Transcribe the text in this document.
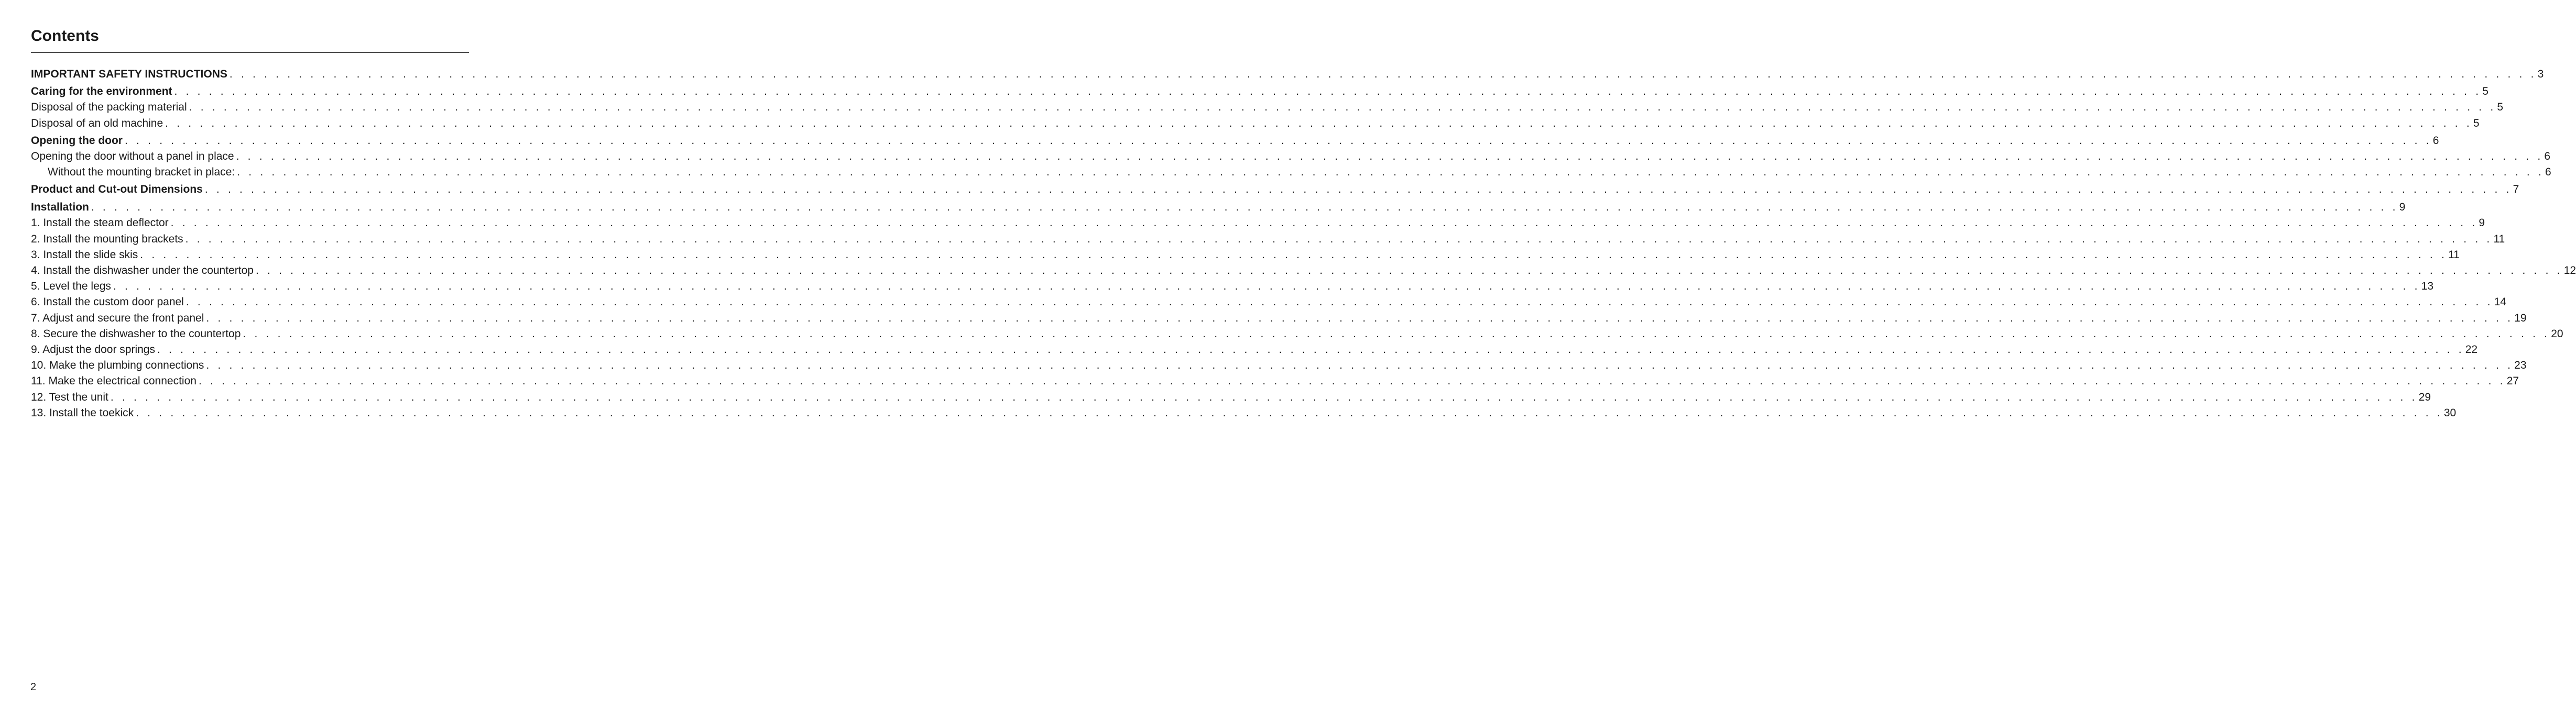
Contents
IMPORTANT SAFETY INSTRUCTIONS . . . . . . . . . . . . . . . . . . . . . . . . . . . . . . . . . . . . . . . . . . . . . . . . . . . . . . . . . . . . . . . . . . . . . . . . . . . . . . . . . . . . . . . . . . . . . . . . . . . . . . . . . . . . . . . . . . . . . . . . . . . . . . . . . . . . . . . . . . . . . . . . . . . . . . . . . . . . . . . . . . . . . . . . . . . . . . . . . . . . . . . . . . . . . . . . . . . . . . . . 3
Caring for the environment . . . . . . . . . . . . . . . . . . . . . . . . . . . . . . . . . . . . . . . . . . . . . . . . . . . . . . . . . . . . . . . . . . . . . . . . . . . . . . . . . . . . . . . . . . . . . . . . . . . . . . . . . . . . . . . . . . . . . . . . . . . . . . . . . . . . . . . . . . . . . . . . . . . . . . . . . . . . . . . . . . . . . . . . . . . . . . . . . . . . . . . . . . . . . . . . . . . . . . . . 5
Disposal of the packing material . . . . . . . . . . . . . . . . . . . . . . . . . . . . . . . . . . . . . . . . . . . . . . . . . . . . . . . . . . . . . . . . . . . . . . . . . . . . . . . . . . . . . . . . . . . . . . . . . . . . . . . . . . . . . . . . . . . . . . . . . . . . . . . . . . . . . . . . . . . . . . . . . . . . . . . . . . . . . . . . . . . . . . . . . . . . . . . . . . . . . . . . . . . . . . . . . . . . . . . . 5
Disposal of an old machine . . . . . . . . . . . . . . . . . . . . . . . . . . . . . . . . . . . . . . . . . . . . . . . . . . . . . . . . . . . . . . . . . . . . . . . . . . . . . . . . . . . . . . . . . . . . . . . . . . . . . . . . . . . . . . . . . . . . . . . . . . . . . . . . . . . . . . . . . . . . . . . . . . . . . . . . . . . . . . . . . . . . . . . . . . . . . . . . . . . . . . . . . . . . . . . . . . . . . . . . 5
Opening the door . . . . . . . . . . . . . . . . . . . . . . . . . . . . . . . . . . . . . . . . . . . . . . . . . . . . . . . . . . . . . . . . . . . . . . . . . . . . . . . . . . . . . . . . . . . . . . . . . . . . . . . . . . . . . . . . . . . . . . . . . . . . . . . . . . . . . . . . . . . . . . . . . . . . . . . . . . . . . . . . . . . . . . . . . . . . . . . . . . . . . . . . . . . . . . . . . . . . . . . . 6
Opening the door without a panel in place . . . . . . . . . . . . . . . . . . . . . . . . . . . . . . . . . . . . . . . . . . . . . . . . . . . . . . . . . . . . . . . . . . . . . . . . . . . . . . . . . . . . . . . . . . . . . . . . . . . . . . . . . . . . . . . . . . . . . . . . . . . . . . . . . . . . . . . . . . . . . . . . . . . . . . . . . . . . . . . . . . . . . . . . . . . . . . . . . . . . . . . . . . . . . . . . . . . . . . . . 6
Without the mounting bracket in place: . . . . . . . . . . . . . . . . . . . . . . . . . . . . . . . . . . . . . . . . . . . . . . . . . . . . . . . . . . . . . . . . . . . . . . . . . . . . . . . . . . . . . . . . . . . . . . . . . . . . . . . . . . . . . . . . . . . . . . . . . . . . . . . . . . . . . . . . . . . . . . . . . . . . . . . . . . . . . . . . . . . . . . . . . . . . . . . . . . . . . . . . . . . . . . . . . . . . . . . . 6
Product and Cut-out Dimensions . . . . . . . . . . . . . . . . . . . . . . . . . . . . . . . . . . . . . . . . . . . . . . . . . . . . . . . . . . . . . . . . . . . . . . . . . . . . . . . . . . . . . . . . . . . . . . . . . . . . . . . . . . . . . . . . . . . . . . . . . . . . . . . . . . . . . . . . . . . . . . . . . . . . . . . . . . . . . . . . . . . . . . . . . . . . . . . . . . . . . . . . . . . . . . . . . . . . . . . . 7
Installation . . . . . . . . . . . . . . . . . . . . . . . . . . . . . . . . . . . . . . . . . . . . . . . . . . . . . . . . . . . . . . . . . . . . . . . . . . . . . . . . . . . . . . . . . . . . . . . . . . . . . . . . . . . . . . . . . . . . . . . . . . . . . . . . . . . . . . . . . . . . . . . . . . . . . . . . . . . . . . . . . . . . . . . . . . . . . . . . . . . . . . . . . . . . . . . . . . . . . . . . 9
1. Install the steam deflector . . . . . . . . . . . . . . . . . . . . . . . . . . . . . . . . . . . . . . . . . . . . . . . . . . . . . . . . . . . . . . . . . . . . . . . . . . . . . . . . . . . . . . . . . . . . . . . . . . . . . . . . . . . . . . . . . . . . . . . . . . . . . . . . . . . . . . . . . . . . . . . . . . . . . . . . . . . . . . . . . . . . . . . . . . . . . . . . . . . . . . . . . . . . . . . . . . . . . . . . 9
2. Install the mounting brackets . . . . . . . . . . . . . . . . . . . . . . . . . . . . . . . . . . . . . . . . . . . . . . . . . . . . . . . . . . . . . . . . . . . . . . . . . . . . . . . . . . . . . . . . . . . . . . . . . . . . . . . . . . . . . . . . . . . . . . . . . . . . . . . . . . . . . . . . . . . . . . . . . . . . . . . . . . . . . . . . . . . . . . . . . . . . . . . . . . . . . . . . . . . . . . . . . . . . . . . . 11
3. Install the slide skis . . . . . . . . . . . . . . . . . . . . . . . . . . . . . . . . . . . . . . . . . . . . . . . . . . . . . . . . . . . . . . . . . . . . . . . . . . . . . . . . . . . . . . . . . . . . . . . . . . . . . . . . . . . . . . . . . . . . . . . . . . . . . . . . . . . . . . . . . . . . . . . . . . . . . . . . . . . . . . . . . . . . . . . . . . . . . . . . . . . . . . . . . . . . . . . . . . . . . . . . 11
4. Install the dishwasher under the countertop . . . . . . . . . . . . . . . . . . . . . . . . . . . . . . . . . . . . . . . . . . . . . . . . . . . . . . . . . . . . . . . . . . . . . . . . . . . . . . . . . . . . . . . . . . . . . . . . . . . . . . . . . . . . . . . . . . . . . . . . . . . . . . . . . . . . . . . . . . . . . . . . . . . . . . . . . . . . . . . . . . . . . . . . . . . . . . . . . . . . . . . . . . . . . . . . . . . . . . . . 12
5. Level the legs . . . . . . . . . . . . . . . . . . . . . . . . . . . . . . . . . . . . . . . . . . . . . . . . . . . . . . . . . . . . . . . . . . . . . . . . . . . . . . . . . . . . . . . . . . . . . . . . . . . . . . . . . . . . . . . . . . . . . . . . . . . . . . . . . . . . . . . . . . . . . . . . . . . . . . . . . . . . . . . . . . . . . . . . . . . . . . . . . . . . . . . . . . . . . . . . . . . . . . . . 13
6. Install the custom door panel . . . . . . . . . . . . . . . . . . . . . . . . . . . . . . . . . . . . . . . . . . . . . . . . . . . . . . . . . . . . . . . . . . . . . . . . . . . . . . . . . . . . . . . . . . . . . . . . . . . . . . . . . . . . . . . . . . . . . . . . . . . . . . . . . . . . . . . . . . . . . . . . . . . . . . . . . . . . . . . . . . . . . . . . . . . . . . . . . . . . . . . . . . . . . . . . . . . . . . . . 14
7. Adjust and secure the front panel . . . . . . . . . . . . . . . . . . . . . . . . . . . . . . . . . . . . . . . . . . . . . . . . . . . . . . . . . . . . . . . . . . . . . . . . . . . . . . . . . . . . . . . . . . . . . . . . . . . . . . . . . . . . . . . . . . . . . . . . . . . . . . . . . . . . . . . . . . . . . . . . . . . . . . . . . . . . . . . . . . . . . . . . . . . . . . . . . . . . . . . . . . . . . . . . . . . . . . . . 19
8. Secure the dishwasher to the countertop . . . . . . . . . . . . . . . . . . . . . . . . . . . . . . . . . . . . . . . . . . . . . . . . . . . . . . . . . . . . . . . . . . . . . . . . . . . . . . . . . . . . . . . . . . . . . . . . . . . . . . . . . . . . . . . . . . . . . . . . . . . . . . . . . . . . . . . . . . . . . . . . . . . . . . . . . . . . . . . . . . . . . . . . . . . . . . . . . . . . . . . . . . . . . . . . . . . . . . . . 20
9. Adjust the door springs . . . . . . . . . . . . . . . . . . . . . . . . . . . . . . . . . . . . . . . . . . . . . . . . . . . . . . . . . . . . . . . . . . . . . . . . . . . . . . . . . . . . . . . . . . . . . . . . . . . . . . . . . . . . . . . . . . . . . . . . . . . . . . . . . . . . . . . . . . . . . . . . . . . . . . . . . . . . . . . . . . . . . . . . . . . . . . . . . . . . . . . . . . . . . . . . . . . . . . . . 22
10. Make the plumbing connections . . . . . . . . . . . . . . . . . . . . . . . . . . . . . . . . . . . . . . . . . . . . . . . . . . . . . . . . . . . . . . . . . . . . . . . . . . . . . . . . . . . . . . . . . . . . . . . . . . . . . . . . . . . . . . . . . . . . . . . . . . . . . . . . . . . . . . . . . . . . . . . . . . . . . . . . . . . . . . . . . . . . . . . . . . . . . . . . . . . . . . . . . . . . . . . . . . . . . . . . 23
11. Make the electrical connection . . . . . . . . . . . . . . . . . . . . . . . . . . . . . . . . . . . . . . . . . . . . . . . . . . . . . . . . . . . . . . . . . . . . . . . . . . . . . . . . . . . . . . . . . . . . . . . . . . . . . . . . . . . . . . . . . . . . . . . . . . . . . . . . . . . . . . . . . . . . . . . . . . . . . . . . . . . . . . . . . . . . . . . . . . . . . . . . . . . . . . . . . . . . . . . . . . . . . . . . 27
12. Test the unit . . . . . . . . . . . . . . . . . . . . . . . . . . . . . . . . . . . . . . . . . . . . . . . . . . . . . . . . . . . . . . . . . . . . . . . . . . . . . . . . . . . . . . . . . . . . . . . . . . . . . . . . . . . . . . . . . . . . . . . . . . . . . . . . . . . . . . . . . . . . . . . . . . . . . . . . . . . . . . . . . . . . . . . . . . . . . . . . . . . . . . . . . . . . . . . . . . . . . . . . 29
13. Install the toekick . . . . . . . . . . . . . . . . . . . . . . . . . . . . . . . . . . . . . . . . . . . . . . . . . . . . . . . . . . . . . . . . . . . . . . . . . . . . . . . . . . . . . . . . . . . . . . . . . . . . . . . . . . . . . . . . . . . . . . . . . . . . . . . . . . . . . . . . . . . . . . . . . . . . . . . . . . . . . . . . . . . . . . . . . . . . . . . . . . . . . . . . . . . . . . . . . . . . . . . . 30
2
